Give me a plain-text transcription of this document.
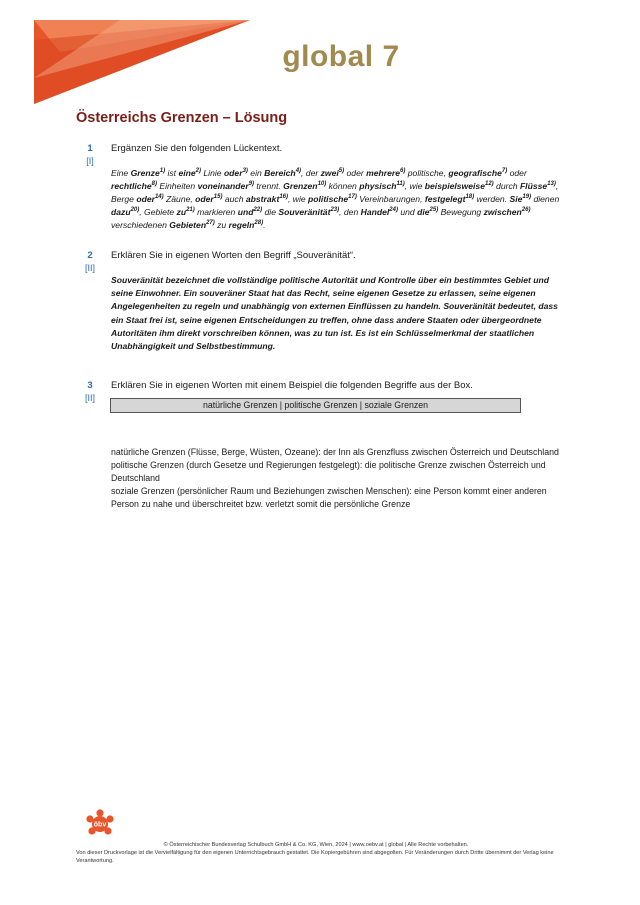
global 7
Österreichs Grenzen – Lösung
1
[I]
Ergänzen Sie den folgenden Lückentext.
Eine Grenze$^{1)}$ ist eine$^{2)}$ Linie oder$^{3)}$ ein Bereich$^{4)}$, der zwei$^{5)}$ oder mehrere$^{6)}$ politische, geografische$^{7)}$ oder rechtliche$^{8)}$ Einheiten voneinander$^{9)}$ trennt. Grenzen$^{10)}$ können physisch$^{11)}$, wie beispielsweise$^{12)}$ durch Flüsse$^{13)}$, Berge oder$^{14)}$ Zäune, oder$^{15)}$ auch abstrakt$^{16)}$, wie politische$^{17)}$ Vereinbarungen, festgelegt$^{18)}$ werden. Sie$^{19)}$ dienen dazu$^{20)}$, Gebiete $zu^{21)}$ markieren und$^{22)}$ die Souveränität$^{23)}$, den Handel$^{24)}$ und die$^{25)}$ Bewegung zwischen$^{26)}$ verschiedenen Gebieten$^{27)}$ zu regeln$^{28)}$.
2
[II]
Erklären Sie in eigenen Worten den Begriff „Souveränität“.
Souveränität bezeichnet die vollständige politische Autorität und Kontrolle über ein bestimmtes Gebiet und seine Einwohner. Ein souveräner Staat hat das Recht, seine eigenen Gesetze zu erlassen, seine eigenen Angelegenheiten zu regeln und unabhängig von externen Einflüssen zu handeln. Souveränität bedeutet, dass ein Staat frei ist, seine eigenen Entscheidungen zu treffen, ohne dass andere Staaten oder übergeordnete Autoritäten ihm direkt vorschreiben können, was zu tun ist. Es ist ein Schlüsselmerkmal der staatlichen Unabhängigkeit und Selbstbestimmung.
3
[II]
Erklären Sie in eigenen Worten mit einem Beispiel die folgenden Begriffe aus der Box.
natürliche Grenzen | politische Grenzen | soziale Grenzen
natürliche Grenzen (Flüsse, Berge, Wüsten, Ozeane): der Inn als Grenzfluss zwischen Österreich und Deutschland
politische Grenzen (durch Gesetze und Regierungen festgelegt): die politische Grenze zwischen Österreich und Deutschland
soziale Grenzen (persönlicher Raum und Beziehungen zwischen Menschen): eine Person kommt einer anderen Person zu nahe und überschreitet bzw. verletzt somit die persönliche Grenze
öbv
© Österreichischer Bundesverlag Schulbuch GmbH & Co. KG, Wien, 2024 | www.oebv.at | global | Alle Rechte vorbehalten.
Von dieser Druckvorlage ist die Vervielfältigung für den eigenen Unterrichtsgebrauch gestattet. Die Kopiergebühren sind abgegolten. Für Veränderungen durch Dritte übernimmt der Verlag keine Verantwortung.
